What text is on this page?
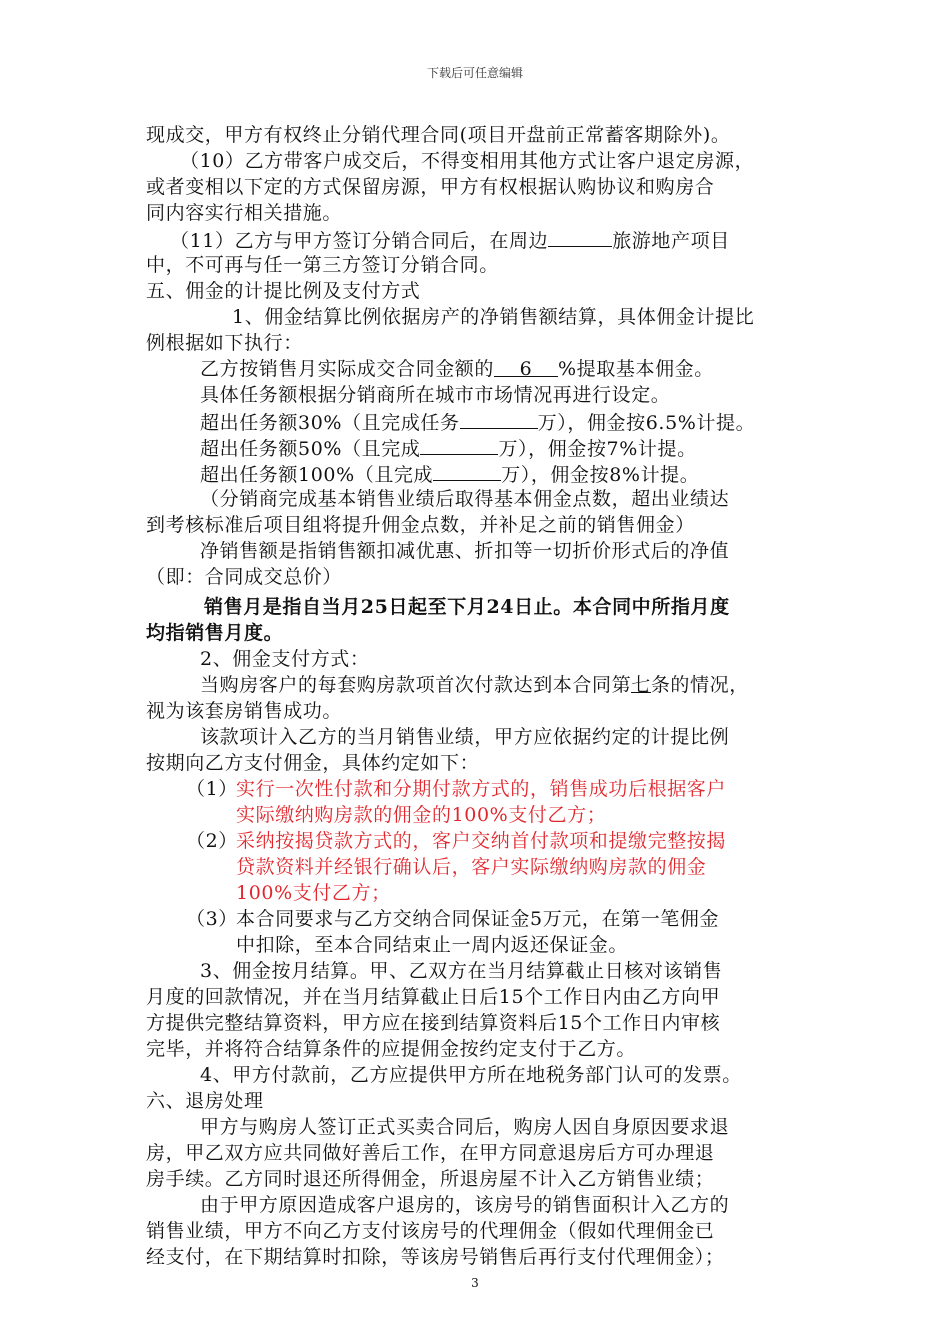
下载后可任意编辑
现成交，甲方有权终止分销代理合同(项目开盘前正常蓄客期除外)。
（10）乙方带客户成交后，不得变相用其他方式让客户退定房源，
或者变相以下定的方式保留房源，甲方有权根据认购协议和购房合
同内容实行相关措施。
（11）乙方与甲方签订分销合同后，在周边	旅游地产项目
中，不可再与任一第三方签订分销合同。
五、佣金的计提比例及支付方式
1、佣金结算比例依据房产的净销售额结算，具体佣金计提比
例根据如下执行：
乙方按销售月实际成交合同金额的 6 %提取基本佣金。
具体任务额根据分销商所在城市市场情况再进行设定。
超出任务额30%（且完成任务	万），佣金按6.5%计提。
超出任务额50%（且完成	万），佣金按7%计提。
超出任务额100%（且完成	万），佣金按8%计提。
（分销商完成基本销售业绩后取得基本佣金点数，超出业绩达
到考核标准后项目组将提升佣金点数，并补足之前的销售佣金）
净销售额是指销售额扣减优惠、折扣等一切折价形式后的净值
（即：合同成交总价）
销售月是指自当月25日起至下月24日止。本合同中所指月度
均指销售月度。
2、佣金支付方式：
当购房客户的每套购房款项首次付款达到本合同第七条的情况，
视为该套房销售成功。
该款项计入乙方的当月销售业绩，甲方应依据约定的计提比例
按期向乙方支付佣金，具体约定如下：
（1）
实行一次性付款和分期付款方式的，销售成功后根据客户
实际缴纳购房款的佣金的100%支付乙方；
（2）
采纳按揭贷款方式的，客户交纳首付款项和提缴完整按揭
贷款资料并经银行确认后，客户实际缴纳购房款的佣金
100%支付乙方；
（3）
本合同要求与乙方交纳合同保证金5万元，在第一笔佣金
中扣除，至本合同结束止一周内返还保证金。
3、佣金按月结算。甲、乙双方在当月结算截止日核对该销售
月度的回款情况，并在当月结算截止日后15个工作日内由乙方向甲
方提供完整结算资料，甲方应在接到结算资料后15个工作日内审核
完毕，并将符合结算条件的应提佣金按约定支付于乙方。
4、甲方付款前，乙方应提供甲方所在地税务部门认可的发票。
六、退房处理
甲方与购房人签订正式买卖合同后，购房人因自身原因要求退
房，甲乙双方应共同做好善后工作，在甲方同意退房后方可办理退
房手续。乙方同时退还所得佣金，所退房屋不计入乙方销售业绩；
由于甲方原因造成客户退房的，该房号的销售面积计入乙方的
销售业绩，甲方不向乙方支付该房号的代理佣金（假如代理佣金已
经支付，在下期结算时扣除，等该房号销售后再行支付代理佣金）；
3
